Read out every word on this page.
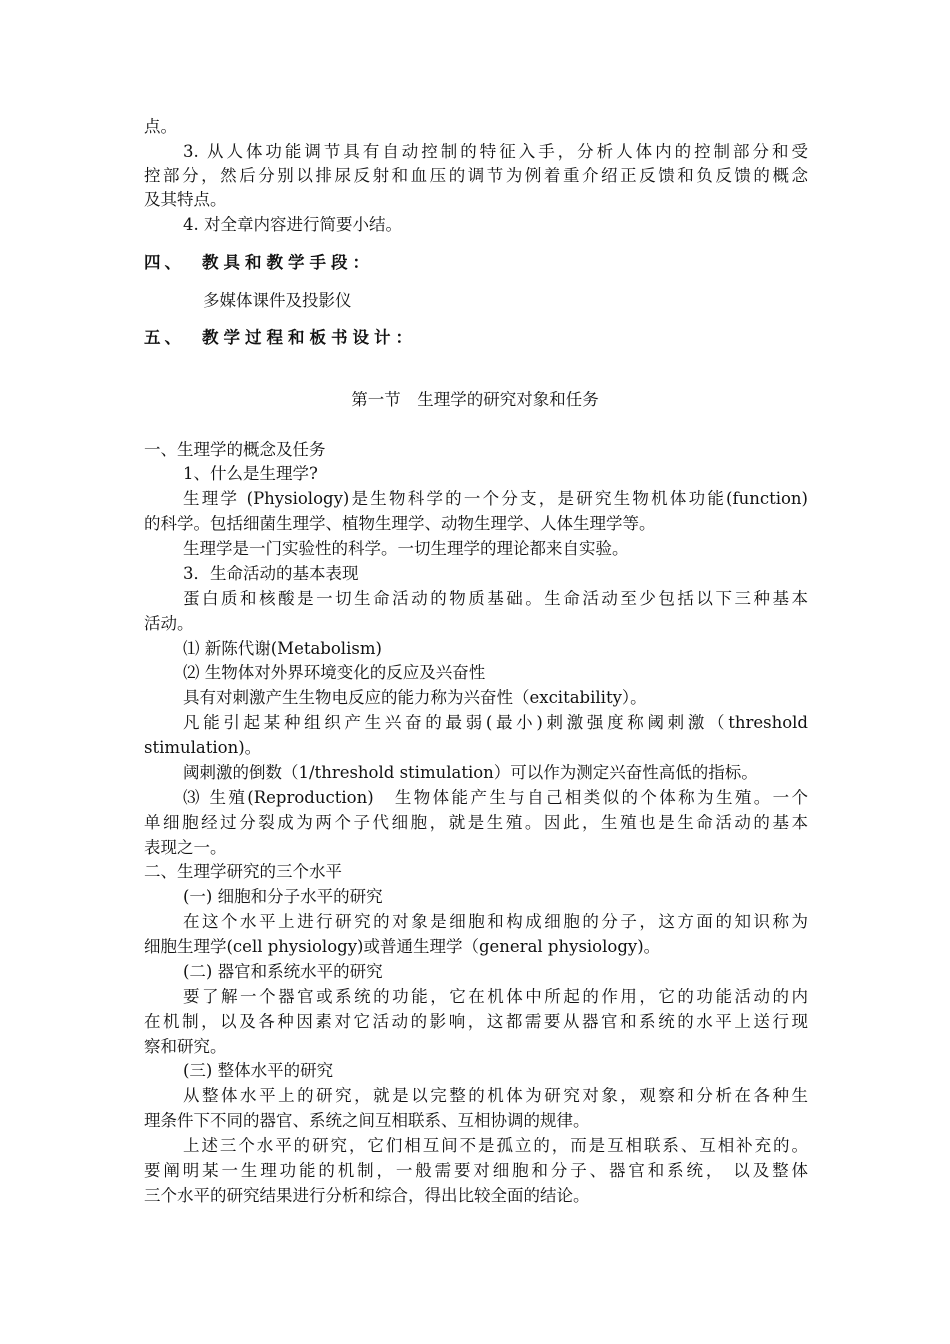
点。
3. 从人体功能调节具有自动控制的特征入手，分析人体内的控制部分和受
控部分，然后分别以排尿反射和血压的调节为例着重介绍正反馈和负反馈的概念
及其特点。
4. 对全章内容进行简要小结。
四、 教具和教学手段：
多媒体课件及投影仪
五、 教学过程和板书设计：
第一节　生理学的研究对象和任务
一、生理学的概念及任务
1、什么是生理学?
生理学 (Physiology)是生物科学的一个分支，是研究生物机体功能(function)
的科学。包括细菌生理学、植物生理学、动物生理学、人体生理学等。
生理学是一门实验性的科学。一切生理学的理论都来自实验。
3．生命活动的基本表现
蛋白质和核酸是一切生命活动的物质基础。生命活动至少包括以下三种基本
活动。
⑴ 新陈代谢(Metabolism)
⑵ 生物体对外界环境变化的反应及兴奋性
具有对刺激产生生物电反应的能力称为兴奋性（excitability）。
凡能引起某种组织产生兴奋的最弱(最小)刺激强度称阈刺激（threshold
stimulation)。
阈刺激的倒数（1/threshold stimulation）可以作为测定兴奋性高低的指标。
⑶ 生殖(Reproduction)　生物体能产生与自己相类似的个体称为生殖。一个
单细胞经过分裂成为两个子代细胞，就是生殖。因此，生殖也是生命活动的基本
表现之一。
二、生理学研究的三个水平
(一) 细胞和分子水平的研究
在这个水平上进行研究的对象是细胞和构成细胞的分子，这方面的知识称为
细胞生理学(cell physiology)或普通生理学（general physiology)。
(二) 器官和系统水平的研究
要了解一个器官或系统的功能，它在机体中所起的作用，它的功能活动的内
在机制，以及各种因素对它活动的影响，这都需要从器官和系统的水平上送行现
察和研究。
(三) 整体水平的研究
从整体水平上的研究，就是以完整的机体为研究对象，观察和分析在各种生
理条件下不同的器官、系统之间互相联系、互相协调的规律。
上述三个水平的研究，它们相互间不是孤立的，而是互相联系、互相补充的。
要阐明某一生理功能的机制，一般需要对细胞和分子、器官和系统， 以及整体
三个水平的研究结果进行分析和综合，得出比较全面的结论。
